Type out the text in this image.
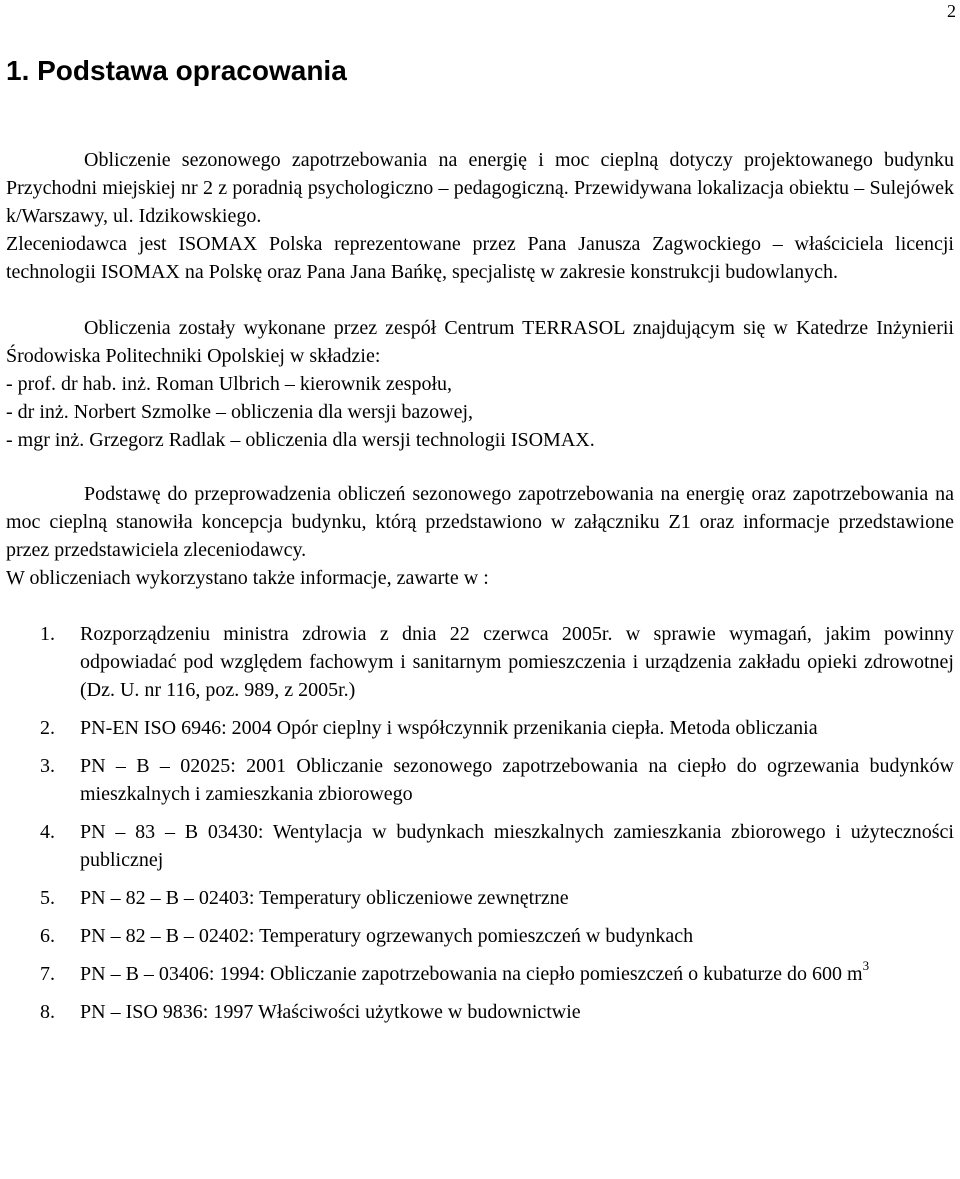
2
1. Podstawa opracowania

Obliczenie sezonowego zapotrzebowania na energię i moc cieplną dotyczy projektowanego budynku Przychodni miejskiej nr 2 z poradnią psychologiczno – pedagogiczną. Przewidywana lokalizacja obiektu – Sulejówek k/Warszawy, ul. Idzikowskiego.

Zleceniodawca jest ISOMAX Polska reprezentowane przez Pana Janusza Zagwockiego – właściciela licencji technologii ISOMAX na Polskę oraz Pana Jana Bańkę, specjalistę w zakresie konstrukcji budowlanych.

Obliczenia zostały wykonane przez zespół Centrum TERRASOL znajdującym się w Katedrze Inżynierii Środowiska Politechniki Opolskiej w składzie:

- prof. dr hab. inż. Roman Ulbrich – kierownik zespołu,

- dr inż. Norbert Szmolke – obliczenia dla wersji bazowej,

- mgr inż. Grzegorz Radlak – obliczenia dla wersji technologii ISOMAX.

Podstawę do przeprowadzenia obliczeń sezonowego zapotrzebowania na energię oraz zapotrzebowania na moc cieplną stanowiła koncepcja budynku, którą przedstawiono w załączniku Z1 oraz informacje przedstawione przez przedstawiciela zleceniodawcy.

W obliczeniach wykorzystano także informacje, zawarte w :

1.	Rozporządzeniu ministra zdrowia z dnia 22 czerwca 2005r. w sprawie wymagań, jakim powinny odpowiadać pod względem fachowym i sanitarnym pomieszczenia i urządzenia zakładu opieki zdrowotnej (Dz. U. nr 116, poz. 989, z 2005r.)
2.	PN-EN ISO 6946: 2004 Opór cieplny i współczynnik przenikania ciepła. Metoda obliczania
3.	PN – B – 02025: 2001 Obliczanie sezonowego zapotrzebowania na ciepło do ogrzewania budynków mieszkalnych i zamieszkania zbiorowego
4.	PN – 83 – B 03430: Wentylacja w budynkach mieszkalnych zamieszkania zbiorowego i użyteczności publicznej
5.	PN – 82 – B – 02403: Temperatury obliczeniowe zewnętrzne
6.	PN – 82 – B – 02402: Temperatury ogrzewanych pomieszczeń w budynkach
7.	PN – B – 03406: 1994: Obliczanie zapotrzebowania na ciepło pomieszczeń o kubaturze do 600 $m^3$
8.	PN – ISO 9836: 1997 Właściwości użytkowe w budownictwie
